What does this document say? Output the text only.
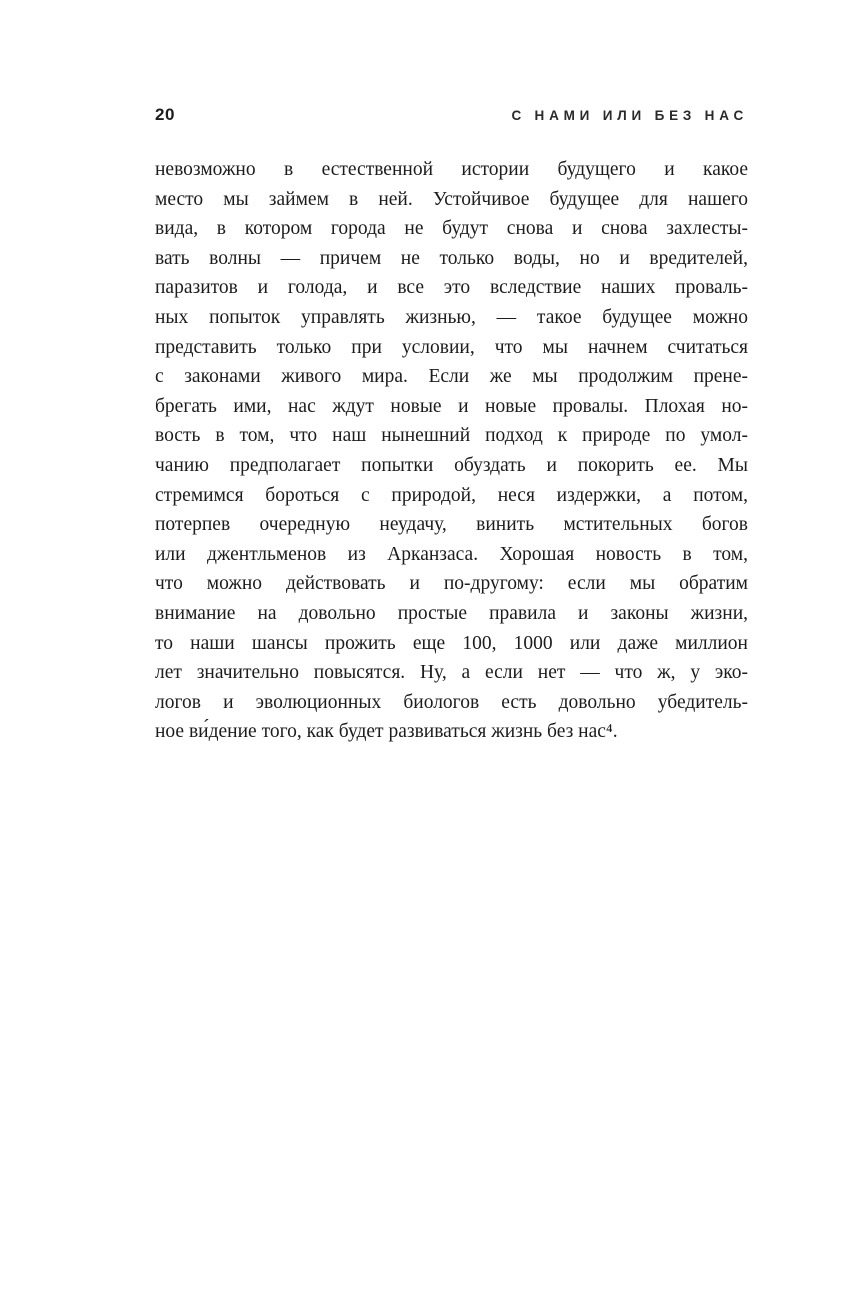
20	С НАМИ ИЛИ БЕЗ НАС
невозможно в естественной истории будущего и какое
место мы займем в ней. Устойчивое будущее для нашего
вида, в котором города не будут снова и снова захлесты-
вать волны — причем не только воды, но и вредителей,
паразитов и голода, и все это вследствие наших проваль-
ных попыток управлять жизнью, — такое будущее можно
представить только при условии, что мы начнем считаться
с законами живого мира. Если же мы продолжим прене-
брегать ими, нас ждут новые и новые провалы. Плохая но-
вость в том, что наш нынешний подход к природе по умол-
чанию предполагает попытки обуздать и покорить ее. Мы
стремимся бороться с природой, неся издержки, а потом,
потерпев очередную неудачу, винить мстительных богов
или джентльменов из Арканзаса. Хорошая новость в том,
что можно действовать и по-другому: если мы обратим
внимание на довольно простые правила и законы жизни,
то наши шансы прожить еще 100, 1000 или даже миллион
лет значительно повысятся. Ну, а если нет — что ж, у эко-
логов и эволюционных биологов есть довольно убедитель-
ное ви́дение того, как будет развиваться жизнь без нас⁴.
